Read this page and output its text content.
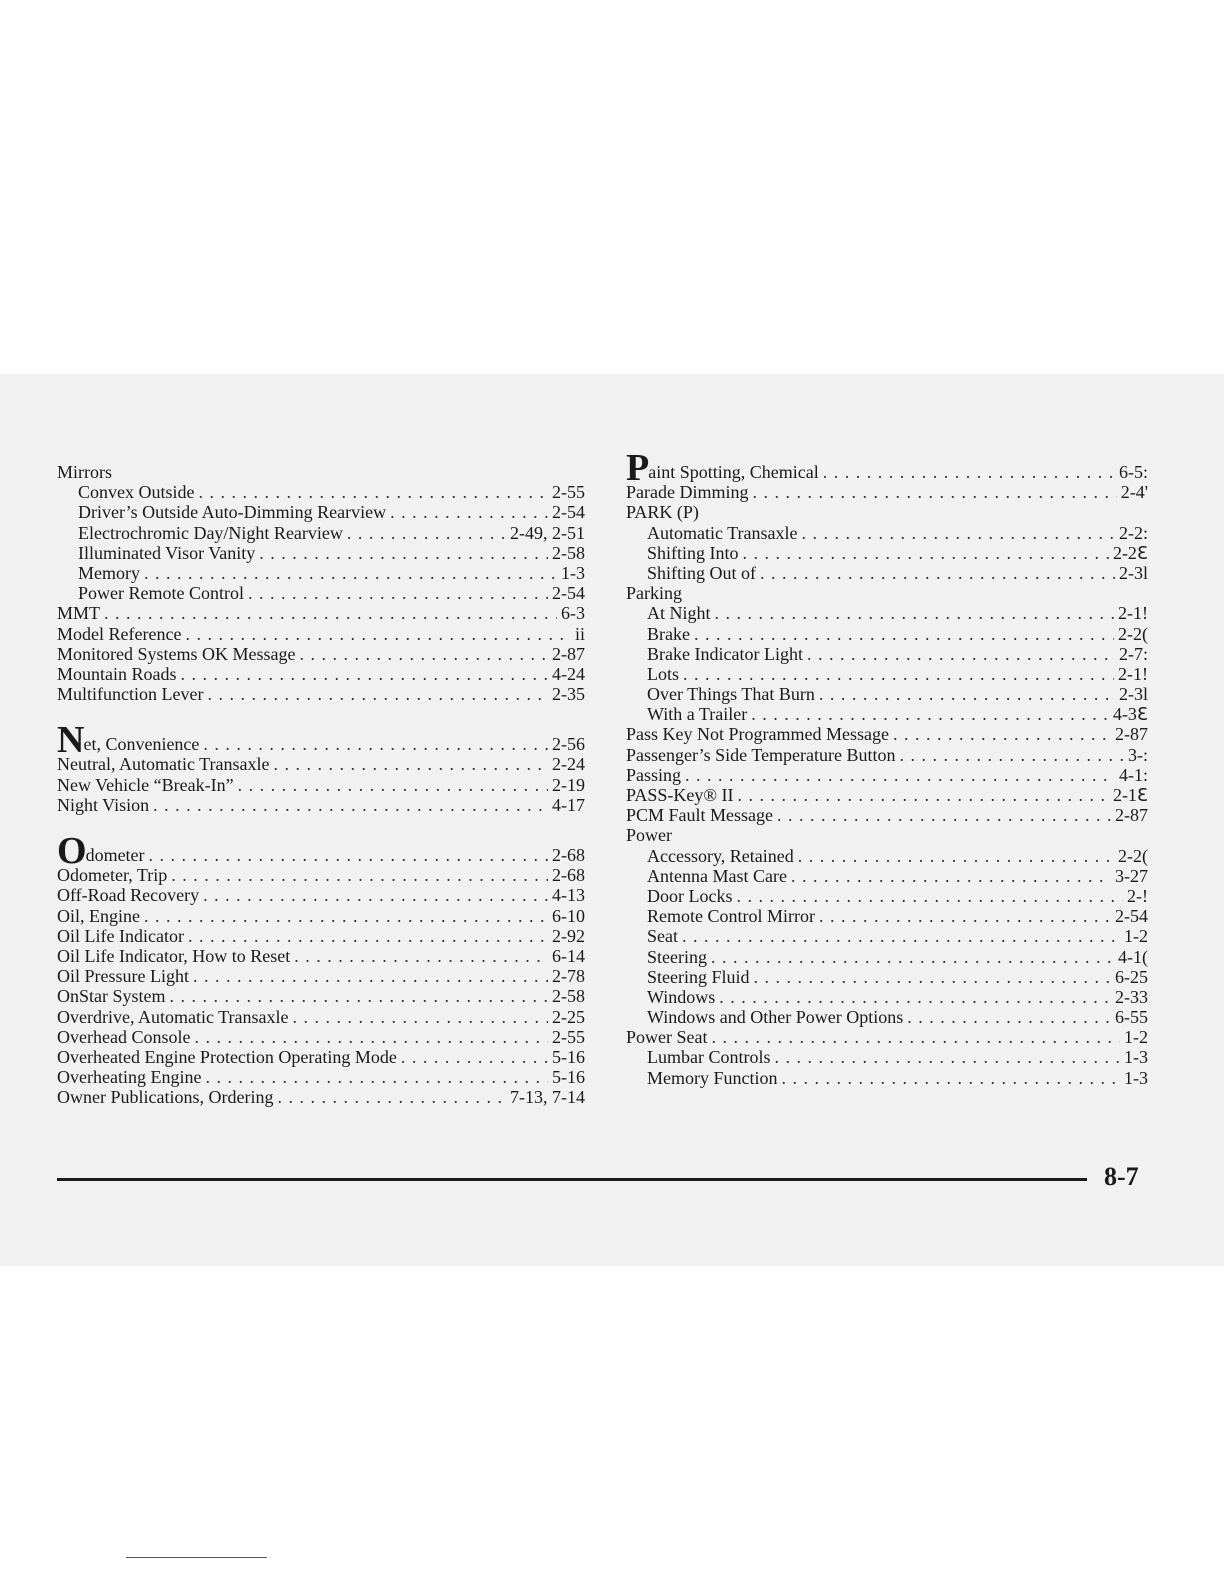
Mirrors
Convex Outside . . .	2-55
Driver’s Outside Auto-Dimming Rearview . . .	2-54
Electrochromic Day/Night Rearview . . .	2-49, 2-51
Illuminated Visor Vanity . . .	2-58
Memory . . .	1-3
Power Remote Control . . .	2-54
MMT . . .	6-3
Model Reference . . .	ii
Monitored Systems OK Message . . .	2-87
Mountain Roads . . .	4-24
Multifunction Lever . . .	2-35
Net, Convenience . . .	2-56
Neutral, Automatic Transaxle . . .	2-24
New Vehicle “Break-In” . . .	2-19
Night Vision . . .	4-17
Odometer . . .	2-68
Odometer, Trip . . .	2-68
Off-Road Recovery . . .	4-13
Oil, Engine . . .	6-10
Oil Life Indicator . . .	2-92
Oil Life Indicator, How to Reset . . .	6-14
Oil Pressure Light . . .	2-78
OnStar System . . .	2-58
Overdrive, Automatic Transaxle . . .	2-25
Overhead Console . . .	2-55
Overheated Engine Protection Operating Mode . . .	5-16
Overheating Engine . . .	5-16
Owner Publications, Ordering . . .	7-13, 7-14
Paint Spotting, Chemical . . .	6-5:
Parade Dimming . . .	2-4'
PARK (P)
Automatic Transaxle . . .	2-2:
Shifting Into . . .	2-2ℇ
Shifting Out of . . .	2-3l
Parking
At Night . . .	2-1!
Brake . . .	2-2(
Brake Indicator Light . . .	2-7:
Lots . . .	2-1!
Over Things That Burn . . .	2-3l
With a Trailer . . .	4-3ℇ
Pass Key Not Programmed Message . . .	2-87
Passenger’s Side Temperature Button . . .	3-:
Passing . . .	4-1:
PASS-Key® II . . .	2-1ℇ
PCM Fault Message . . .	2-87
Power
Accessory, Retained . . .	2-2(
Antenna Mast Care . . .	3-27
Door Locks . . .	2-!
Remote Control Mirror . . .	2-54
Seat . . .	1-2
Steering . . .	4-1(
Steering Fluid . . .	6-25
Windows . . .	2-33
Windows and Other Power Options . . .	6-55
Power Seat . . .	1-2
Lumbar Controls . . .	1-3
Memory Function . . .	1-3
8-7
